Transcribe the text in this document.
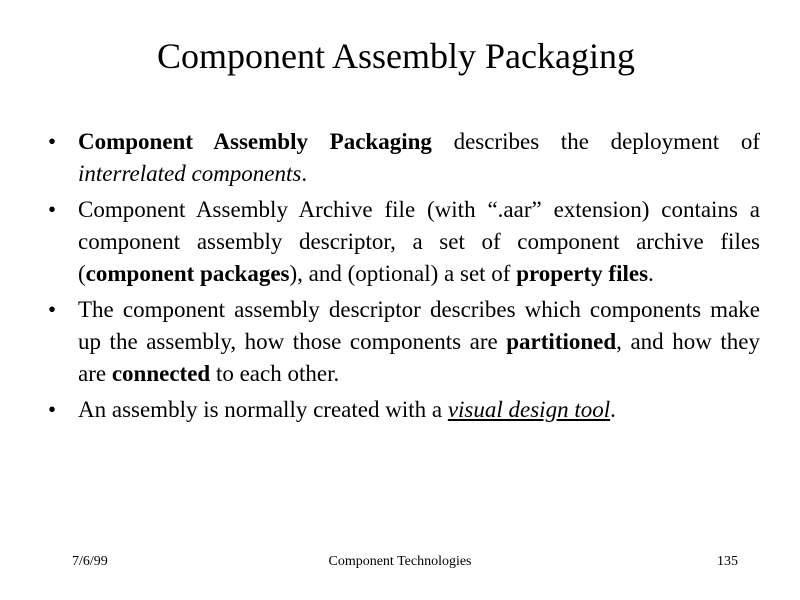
Component Assembly Packaging
• Component Assembly Packaging describes the deployment of interrelated components.
• Component Assembly Archive file (with “.aar” extension) contains a component assembly descriptor, a set of component archive files (component packages), and (optional) a set of property files.
• The component assembly descriptor describes which components make up the assembly, how those components are partitioned, and how they are connected to each other.
• An assembly is normally created with a visual design tool.
7/6/99	Component Technologies	135
